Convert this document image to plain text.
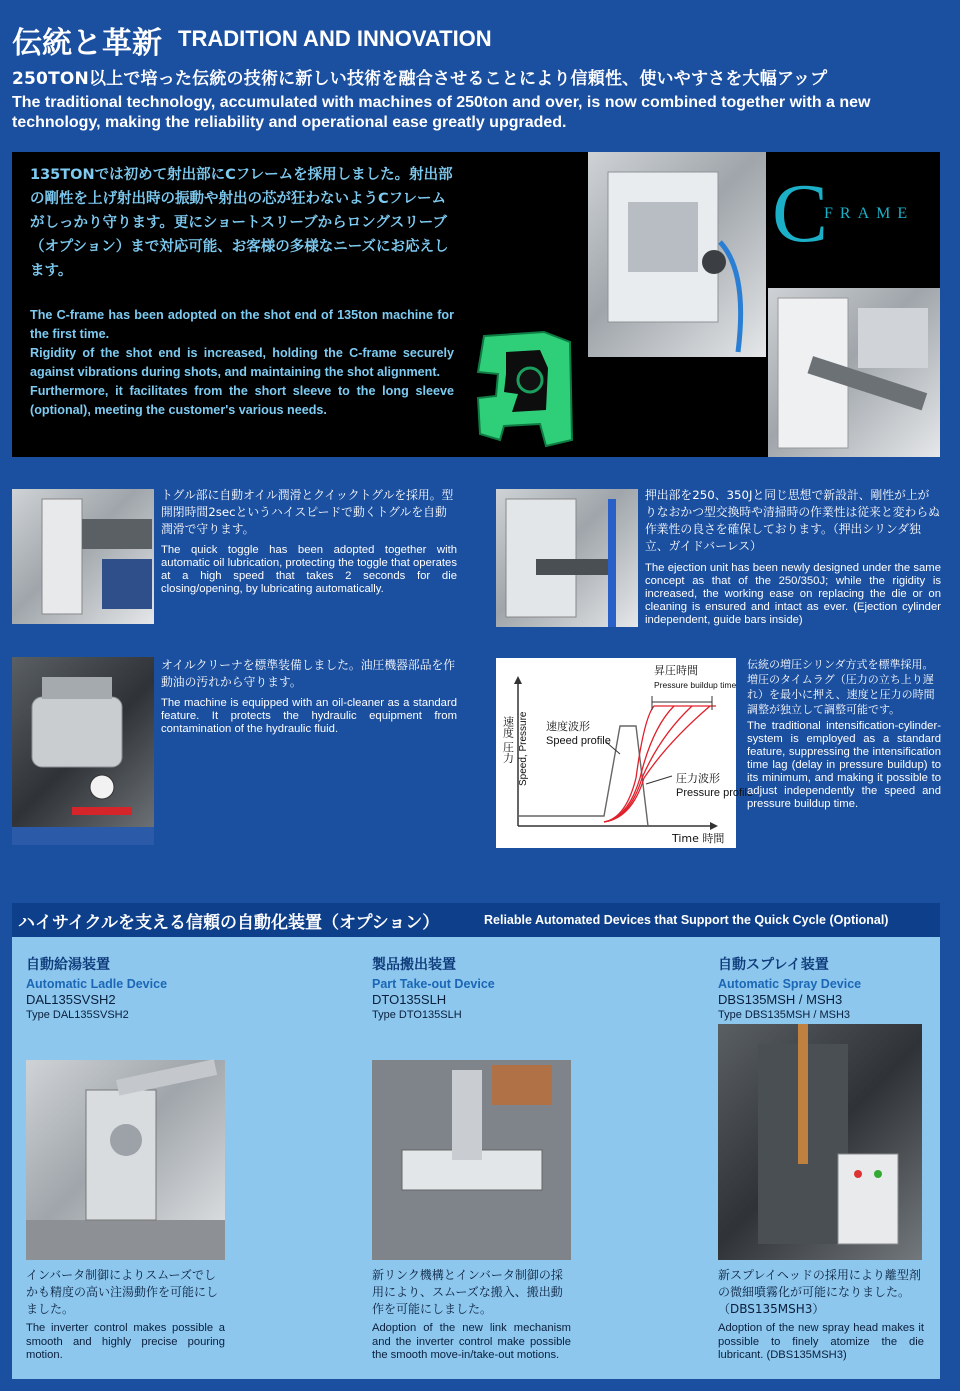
伝統と革新 TRADITION AND INNOVATION
250TON以上で培った伝統の技術に新しい技術を融合させることにより信頼性、使いやすさを大幅アップ
The traditional technology, accumulated with machines of 250ton and over, is now combined together with a new technology, making the reliability and operational ease greatly upgraded.
135TONでは初めて射出部にCフレームを採用しました。射出部の剛性を上げ射出時の振動や射出の芯が狂わないようCフレームがしっかり守ります。更にショートスリーブからロングスリーブ（オプション）まで対応可能、お客様の多様なニーズにお応えします。

The C-frame has been adopted on the shot end of 135ton machine for the first time.

Rigidity of the shot end is increased, holding the C-frame securely against vibrations during shots, and maintaining the shot alignment.

Furthermore, it facilitates from the short sleeve to the long sleeve (optional), meeting the customer's various needs.

C
FRAME
トグル部に自動オイル潤滑とクイックトグルを採用。型開閉時間2secというハイスピードで動くトグルを自動潤滑で守ります。
The quick toggle has been adopted together with automatic oil lubrication, protecting the toggle that operates at a high speed that takes 2 seconds for die closing/opening, by lubricating automatically.
押出部を250、350Jと同じ思想で新設計、剛性が上がりなおかつ型交換時や清掃時の作業性は従来と変わらぬ作業性の良さを確保しております。（押出シリンダ独立、ガイドバーレス）
The ejection unit has been newly designed under the same concept as that of the 250/350J; while the rigidity is increased, the working ease on replacing the die or on cleaning is ensured and intact as ever. (Ejection cylinder independent, guide bars inside)
オイルクリーナを標準装備しました。油圧機器部品を作動油の汚れから守ります。
The machine is equipped with an oil-cleaner as a standard feature. It protects the hydraulic equipment from contamination of the hydraulic fluid.	速度 圧力 Speed, Pressure
Time 時間
速度波形
Speed profile
圧力波形
Pressure profile
昇圧時間
Pressure buildup time
伝統の増圧シリンダ方式を標準採用。増圧のタイムラグ（圧力の立ち上り遅れ）を最小に押え、速度と圧力の時間調整が独立して調整可能です。
The traditional intensification-cylinder-system is employed as a standard feature, suppressing the intensification time lag (delay in pressure buildup) to its minimum, and making it possible to adjust independently the speed and pressure buildup time.
ハイサイクルを支える信頼の自動化装置（オプション）	Reliable Automated Devices that Support the Quick Cycle (Optional)
自動給湯装置
Automatic Ladle Device
DAL135SVSH2
Type DAL135SVSH2
インバータ制御によりスムーズでしかも精度の高い注湯動作を可能にしました。
The inverter control makes possible a smooth and highly precise pouring motion.
製品搬出装置
Part Take-out Device
DTO135SLH
Type DTO135SLH
新リンク機構とインバータ制御の採用により、スムーズな搬入、搬出動作を可能にしました。
Adoption of the new link mechanism and the inverter control make possible the smooth move-in/take-out motions.
自動スプレイ装置
Automatic Spray Device
DBS135MSH / MSH3
Type DBS135MSH / MSH3
新スプレイヘッドの採用により離型剤の微細噴霧化が可能になりました。（DBS135MSH3）
Adoption of the new spray head makes it possible to finely atomize the die lubricant. (DBS135MSH3)
